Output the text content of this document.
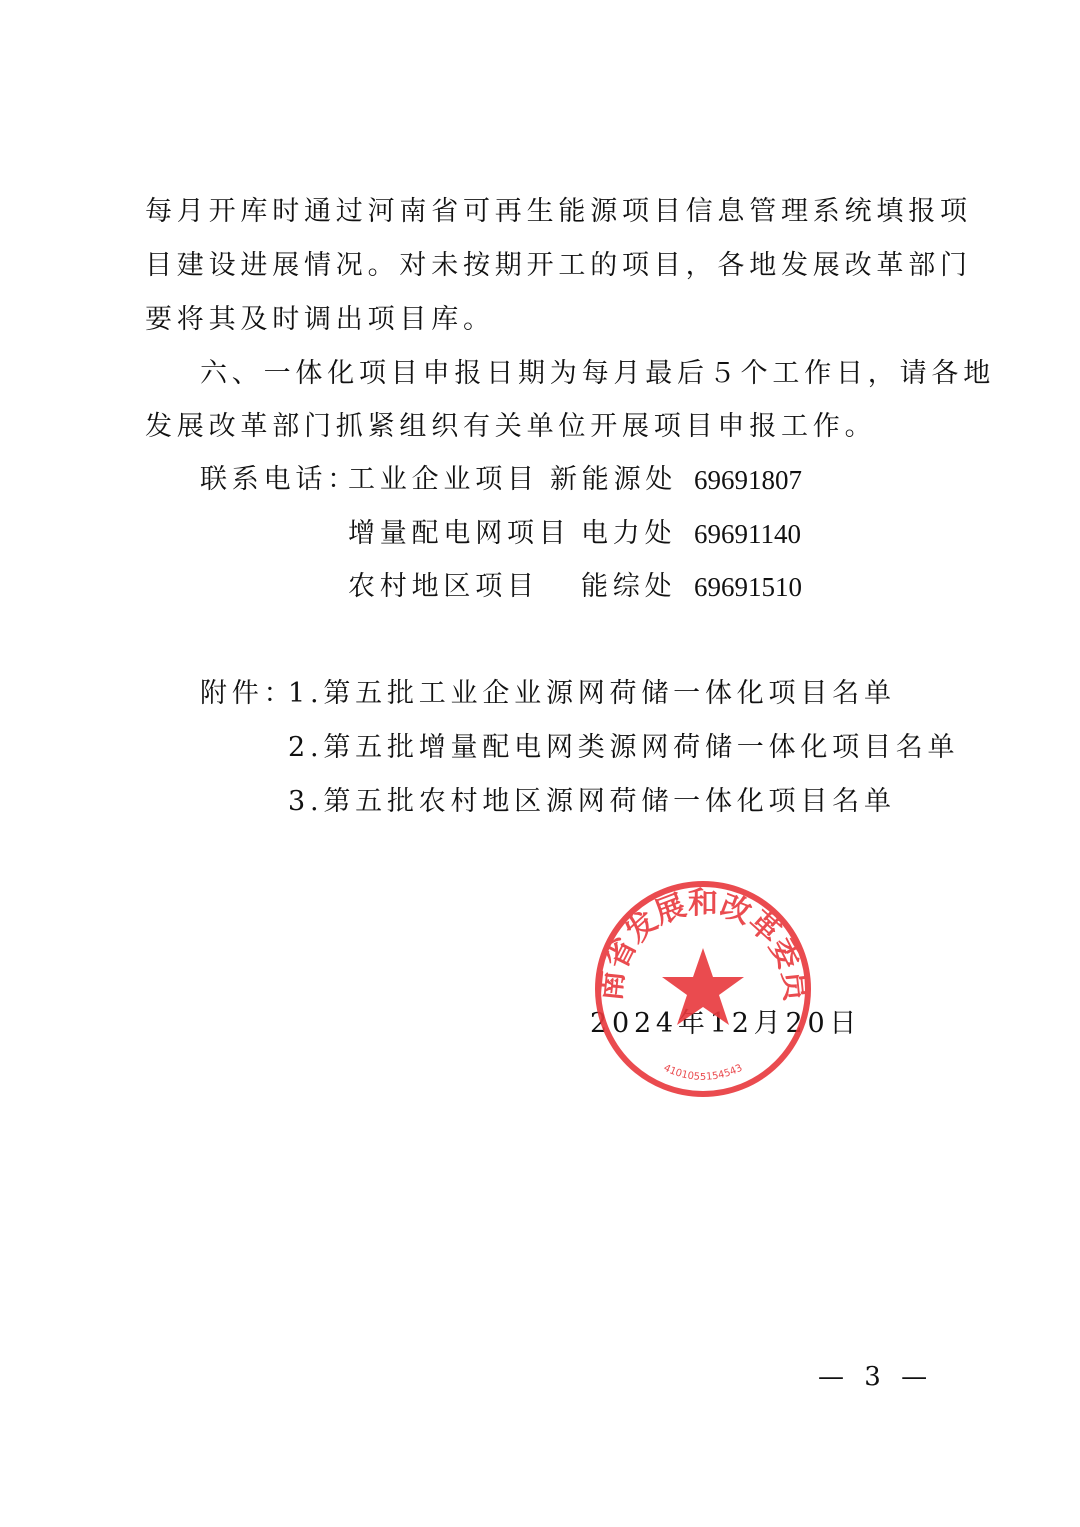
每月开库时通过河南省可再生能源项目信息管理系统填报项
目建设进展情况。对未按期开工的项目，各地发展改革部门
要将其及时调出项目库。
六、一体化项目申报日期为每月最后５个工作日，请各地
发展改革部门抓紧组织有关单位开展项目申报工作。
联系电话：
工业企业项目 新能源处 69691807
增量配电网项目 电力处 69691140
农村地区项目 能综处 69691510
附件：
1.第五批工业企业源网荷储一体化项目名单
2.第五批增量配电网类源网荷储一体化项目名单
3.第五批农村地区源网荷储一体化项目名单
2024年12月20日
南省发展和改革委员
4101055154543
— 3 —
